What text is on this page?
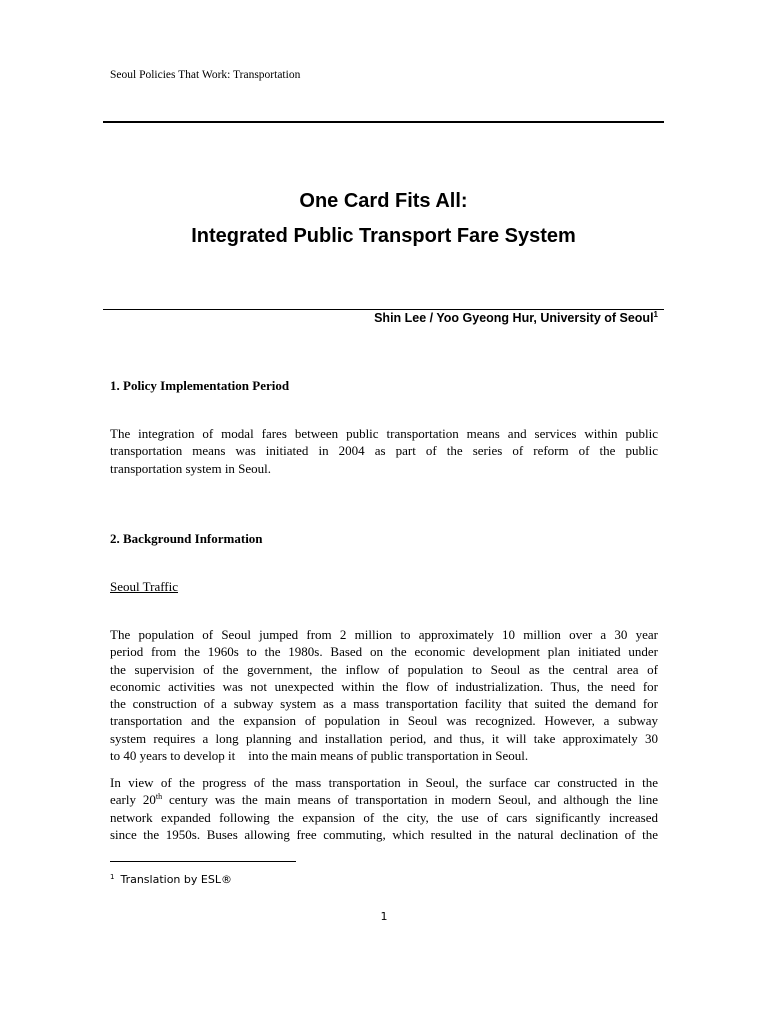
Seoul Policies That Work: Transportation
One Card Fits All:
Integrated Public Transport Fare System
Shin Lee / Yoo Gyeong Hur, University of Seoul$^1$
1. Policy Implementation Period
The integration of modal fares between public transportation means and services within public
transportation means was initiated in 2004 as part of the series of reform of the public
transportation system in Seoul.
2. Background Information
Seoul Traffic
The population of Seoul jumped from 2 million to approximately 10 million over a 30 year
period from the 1960s to the 1980s. Based on the economic development plan initiated under
the supervision of the government, the inflow of population to Seoul as the central area of
economic activities was not unexpected within the flow of industrialization. Thus, the need for
the construction of a subway system as a mass transportation facility that suited the demand for
transportation and the expansion of population in Seoul was recognized. However, a subway
system requires a long planning and installation period, and thus, it will take approximately 30
to 40 years to develop it    into the main means of public transportation in Seoul.
In view of the progress of the mass transportation in Seoul, the surface car constructed in the
early 20th century was the main means of transportation in modern Seoul, and although the line
network expanded following the expansion of the city, the use of cars significantly increased
since the 1950s. Buses allowing free commuting, which resulted in the natural declination of the
$^1$ Translation by ESL®
1
